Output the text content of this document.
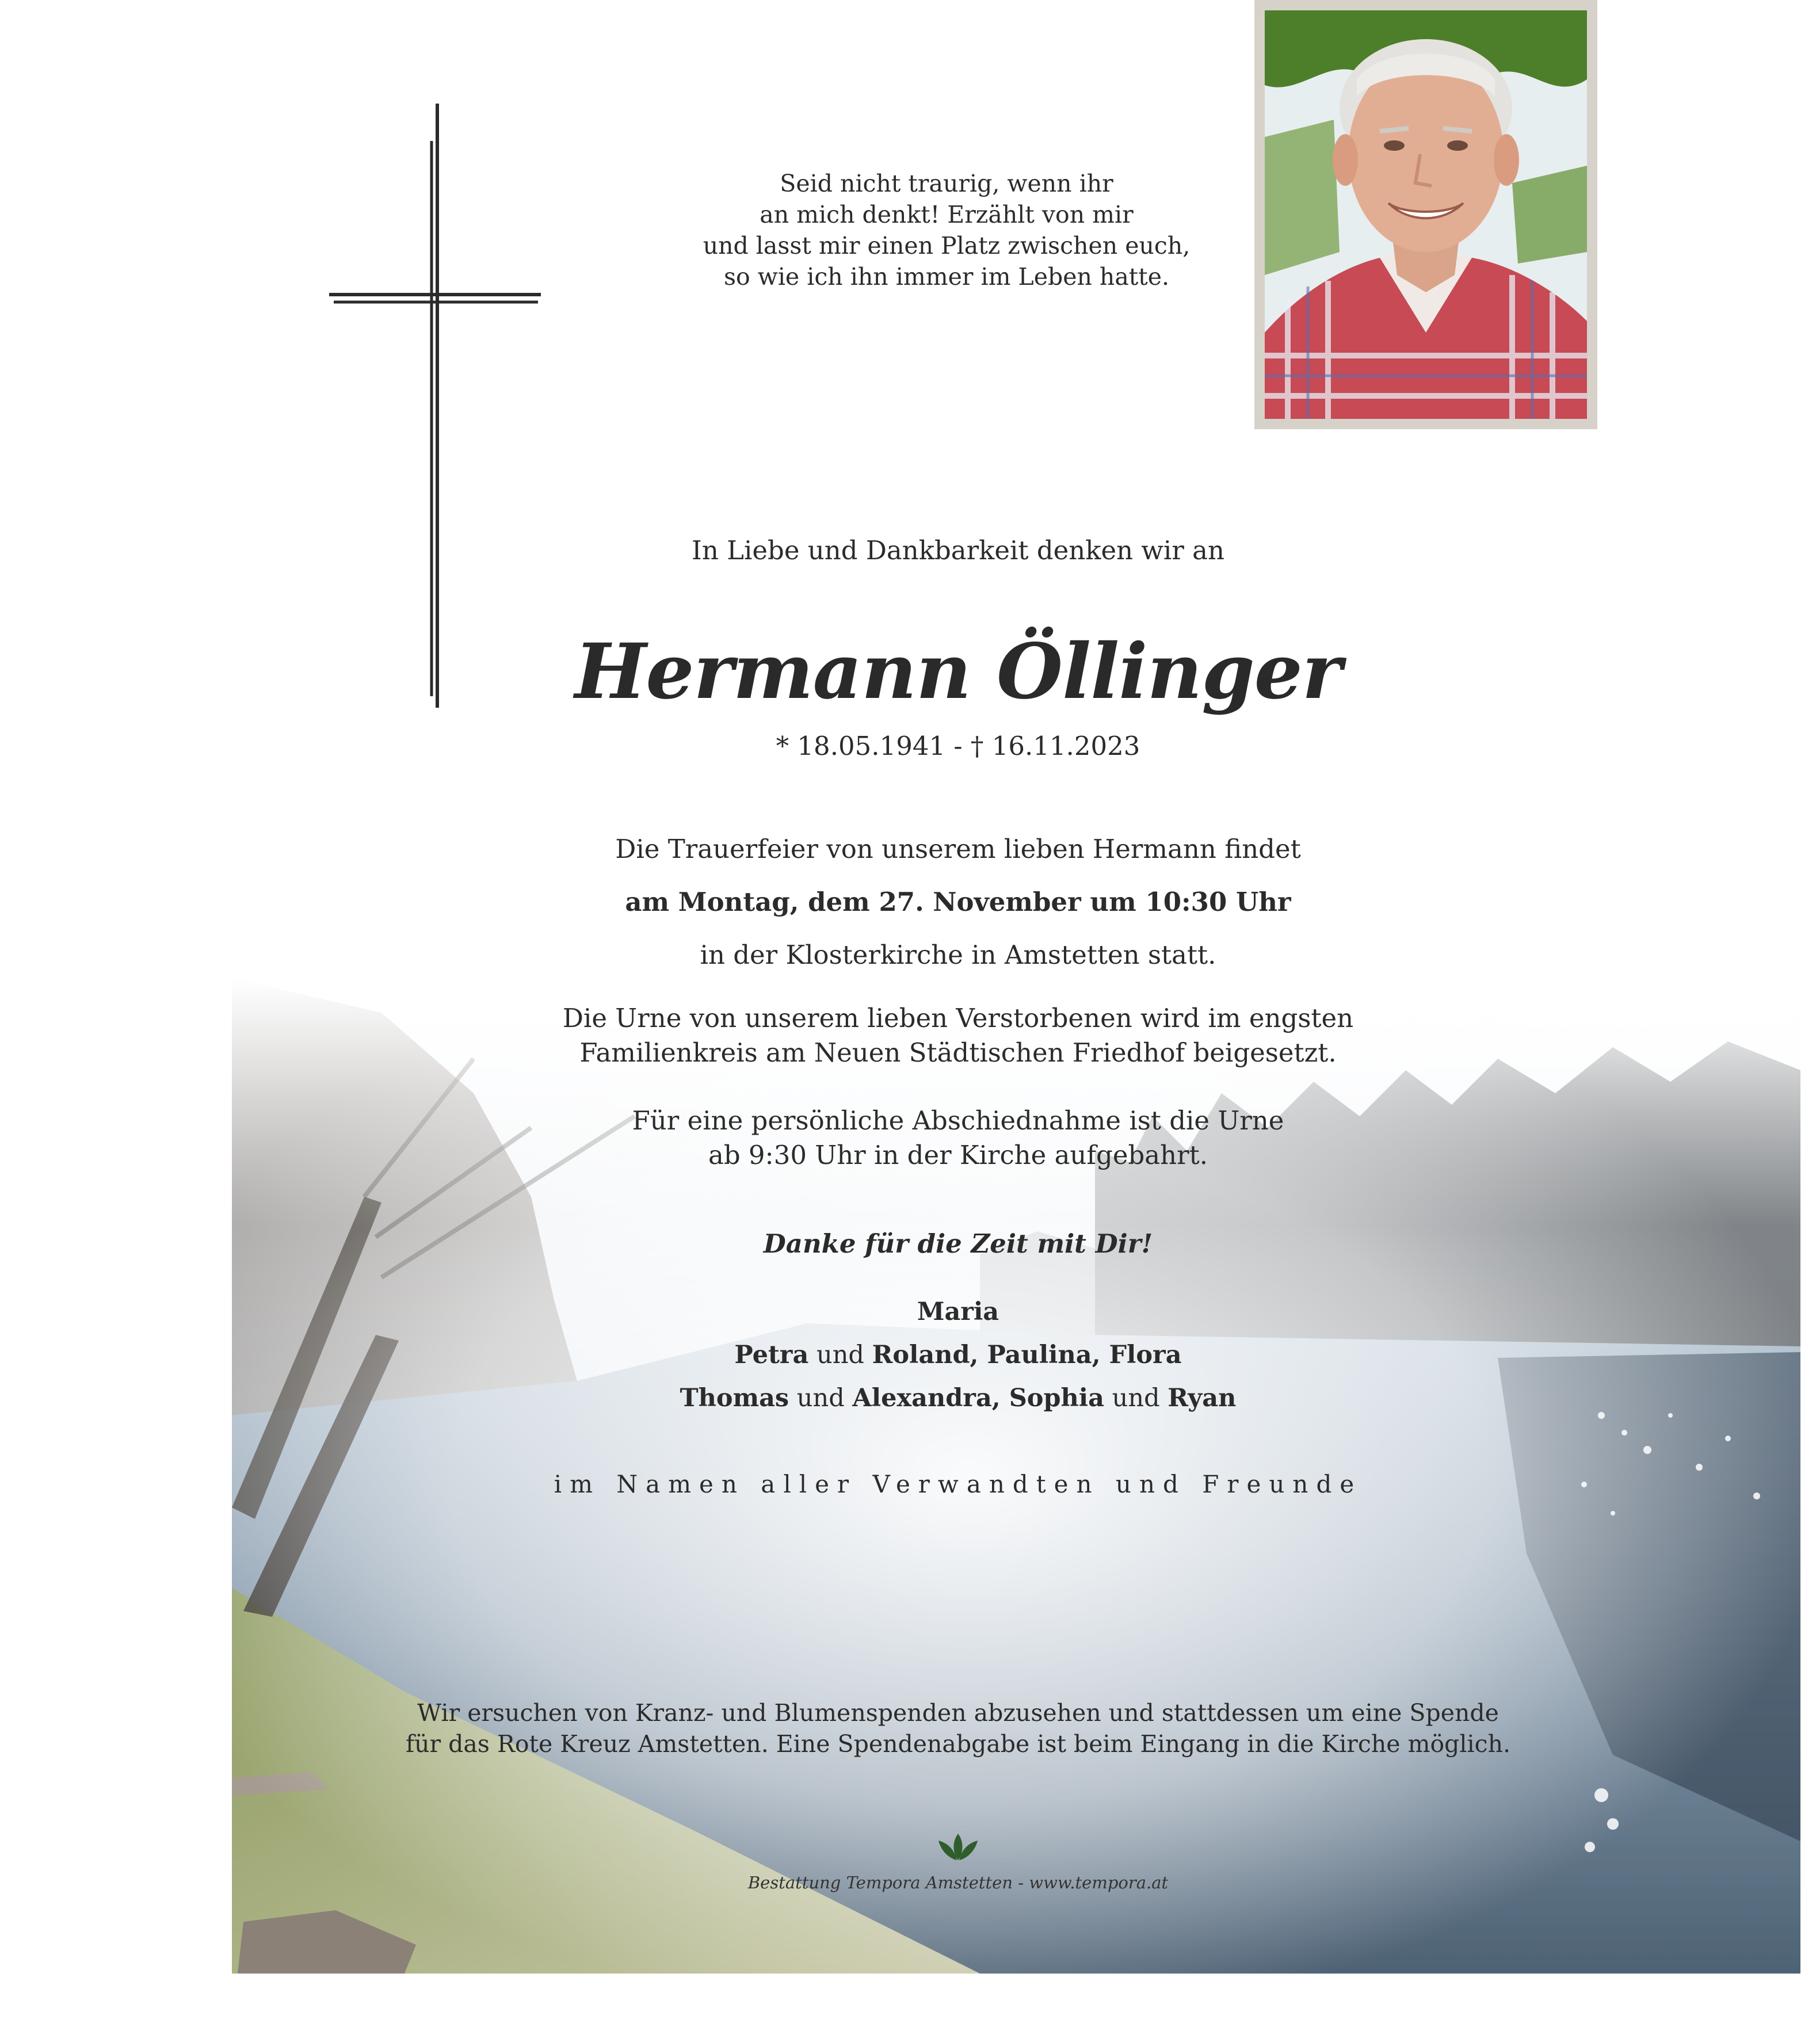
Seid nicht traurig, wenn ihr
an mich denkt! Erzählt von mir
und lasst mir einen Platz zwischen euch,
so wie ich ihn immer im Leben hatte.
In Liebe und Dankbarkeit denken wir an
Hermann Öllinger
* 18.05.1941 - † 16.11.2023
Die Trauerfeier von unserem lieben Hermann findet
am Montag, dem 27. November um 10:30 Uhr
in der Klosterkirche in Amstetten statt.
Die Urne von unserem lieben Verstorbenen wird im engsten
Familienkreis am Neuen Städtischen Friedhof beigesetzt.
Für eine persönliche Abschiednahme ist die Urne
ab 9:30 Uhr in der Kirche aufgebahrt.
Danke für die Zeit mit Dir!
Maria
Petra und Roland, Paulina, Flora
Thomas und Alexandra, Sophia und Ryan
im Namen aller Verwandten und Freunde
Wir ersuchen von Kranz- und Blumenspenden abzusehen und stattdessen um eine Spende
für das Rote Kreuz Amstetten. Eine Spendenabgabe ist beim Eingang in die Kirche möglich.
Bestattung Tempora Amstetten - www.tempora.at
